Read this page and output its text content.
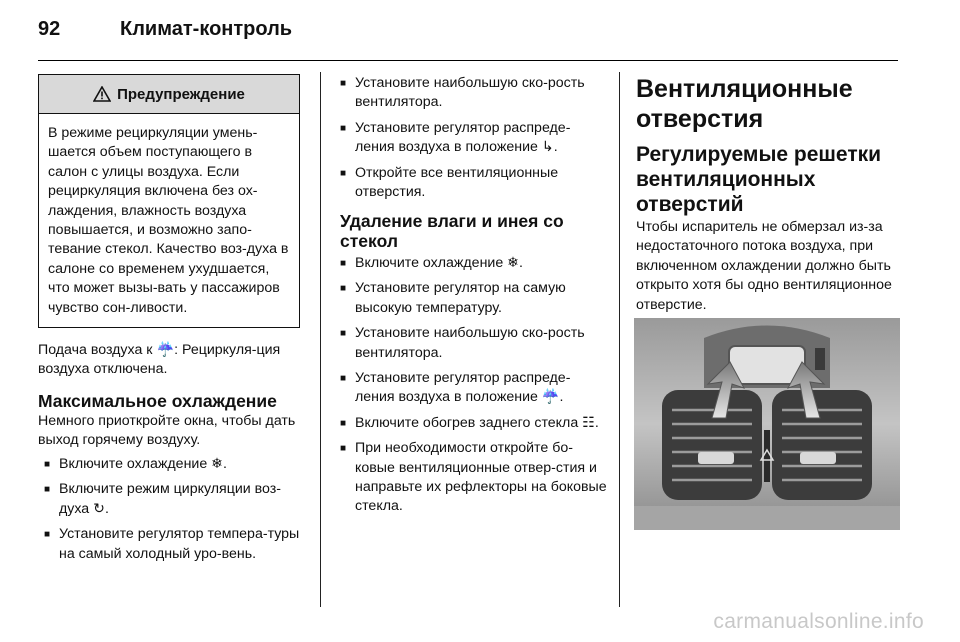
92	Климат-контроль
Предупреждение
В режиме рециркуляции умень-шается объем поступающего в салон с улицы воздуха. Если рециркуляция включена без ох-лаждения, влажность воздуха повышается, и возможно запо-тевание стекол. Качество воз-духа в салоне со временем ухудшается, что может вызы-вать у пассажиров чувство сон-ливости.
Подача воздуха к ☔: Рециркуля-ция воздуха отключена.
Максимальное охлаждение
Немного приоткройте окна, чтобы дать выход горячему воздуху.
■ Включите охлаждение ❄.
■ Включите режим циркуляции воз-духа ↻.
■ Установите регулятор темпера-туры на самый холодный уро-вень.
■ Установите наибольшую ско-рость вентилятора.
■ Установите регулятор распреде-ления воздуха в положение ↳.
■ Откройте все вентиляционные отверстия.
Удаление влаги и инея со стекол
■ Включите охлаждение ❄.
■ Установите регулятор на самую высокую температуру.
■ Установите наибольшую ско-рость вентилятора.
■ Установите регулятор распреде-ления воздуха в положение ☔.
■ Включите обогрев заднего стекла ☷.
■ При необходимости откройте бо-ковые вентиляционные отвер-стия и направьте их рефлекторы на боковые стекла.
Вентиляционные отверстия
Регулируемые решетки вентиляционных отверстий
Чтобы испаритель не обмерзал из-за недостаточного потока воздуха, при включенном охлаждении должно быть открыто хотя бы одно вентиляционное отверстие.
carmanualsonline.info
